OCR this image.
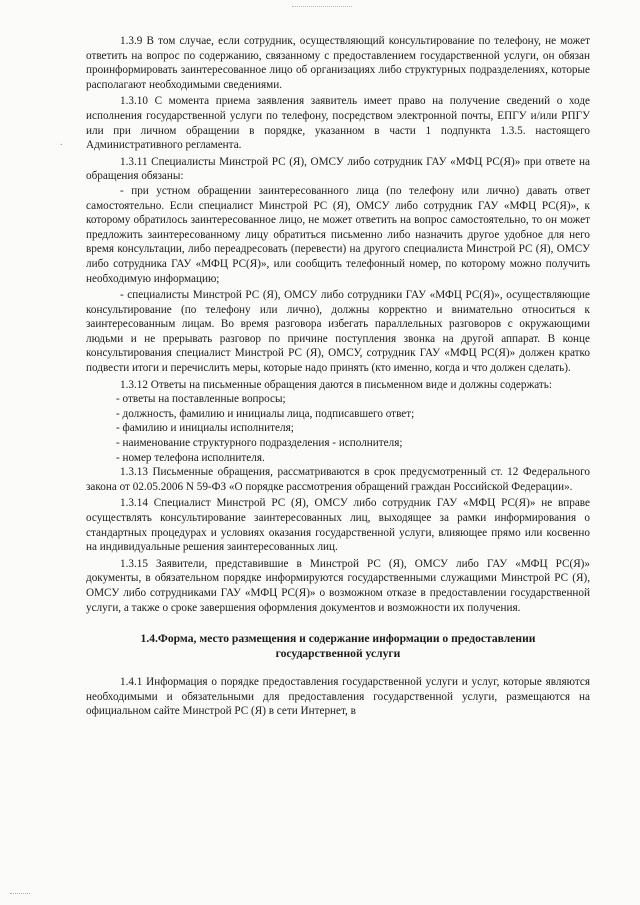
.

1.3.9 В том случае, если сотрудник, осуществляющий консультирование по телефону, не может ответить на вопрос по содержанию, связанному с предоставлением государственной услуги, он обязан проинформировать заинтересованное лицо об организациях либо структурных подразделениях, которые располагают необходимыми сведениями.

1.3.10 С момента приема заявления заявитель имеет право на получение сведений о ходе исполнения государственной услуги по телефону, посредством электронной почты, ЕПГУ и/или РПГУ или при личном обращении в порядке, указанном в части 1 подпункта 1.3.5. настоящего Административного регламента.

1.3.11 Специалисты Минстрой РС (Я), ОМСУ либо сотрудник ГАУ «МФЦ РС(Я)» при ответе на обращения обязаны:

- при устном обращении заинтересованного лица (по телефону или лично) давать ответ самостоятельно. Если специалист Минстрой РС (Я), ОМСУ либо сотрудник ГАУ «МФЦ РС(Я)», к которому обратилось заинтересованное лицо, не может ответить на вопрос самостоятельно, то он может предложить заинтересованному лицу обратиться письменно либо назначить другое удобное для него время консультации, либо переадресовать (перевести) на другого специалиста Минстрой РС (Я), ОМСУ либо сотрудника ГАУ «МФЦ РС(Я)», или сообщить телефонный номер, по которому можно получить необходимую информацию;

- специалисты Минстрой РС (Я), ОМСУ либо сотрудники ГАУ «МФЦ РС(Я)», осуществляющие консультирование (по телефону или лично), должны корректно и внимательно относиться к заинтересованным лицам. Во время разговора избегать параллельных разговоров с окружающими людьми и не прерывать разговор по причине поступления звонка на другой аппарат. В конце консультирования специалист Минстрой РС (Я), ОМСУ, сотрудник ГАУ «МФЦ РС(Я)» должен кратко подвести итоги и перечислить меры, которые надо принять (кто именно, когда и что должен сделать).

1.3.12 Ответы на письменные обращения даются в письменном виде и должны содержать:

- ответы на поставленные вопросы;
- должность, фамилию и инициалы лица, подписавшего ответ;
- фамилию и инициалы исполнителя;
- наименование структурного подразделения - исполнителя;
- номер телефона исполнителя.

1.3.13 Письменные обращения, рассматриваются в срок предусмотренный ст. 12 Федерального закона от 02.05.2006 N 59-ФЗ «О порядке рассмотрения обращений граждан Российской Федерации».

1.3.14 Специалист Минстрой РС (Я), ОМСУ либо сотрудник ГАУ «МФЦ РС(Я)» не вправе осуществлять консультирование заинтересованных лиц, выходящее за рамки информирования о стандартных процедурах и условиях оказания государственной услуги, влияющее прямо или косвенно на индивидуальные решения заинтересованных лиц.

1.3.15 Заявители, представившие в Минстрой РС (Я), ОМСУ либо ГАУ «МФЦ РС(Я)» документы, в обязательном порядке информируются государственными служащими Минстрой РС (Я), ОМСУ либо сотрудниками ГАУ «МФЦ РС(Я)» о возможном отказе в предоставлении государственной услуги, а также о сроке завершения оформления документов и возможности их получения.

1.4.Форма, место размещения и содержание информации о предоставлении государственной услуги

1.4.1 Информация о порядке предоставления государственной услуги и услуг, которые являются необходимыми и обязательными для предоставления государственной услуги, размещаются на официальном сайте Минстрой РС (Я) в сети Интернет, в
